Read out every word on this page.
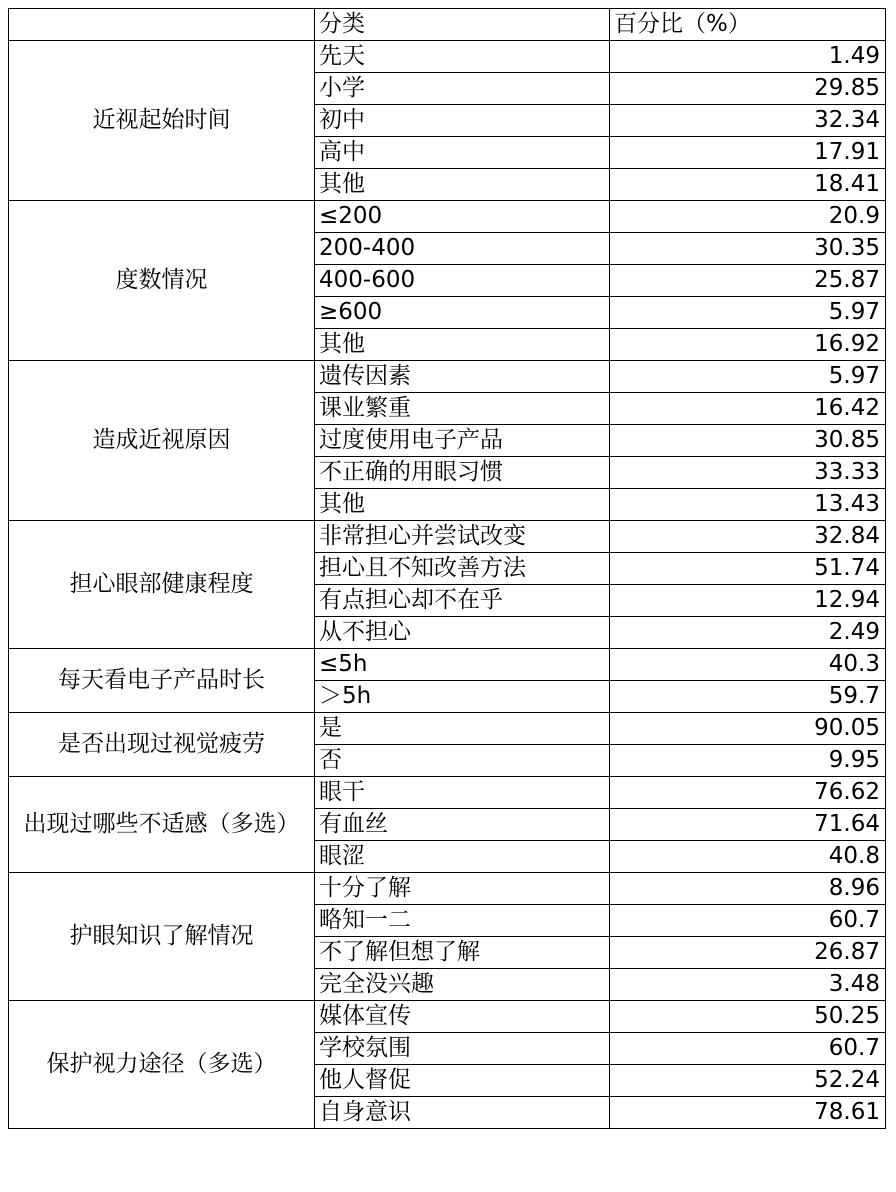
	分类	百分比（%）
近视起始时间	先天	1.49
	小学	29.85
	初中	32.34
	高中	17.91
	其他	18.41
度数情况	≤200	20.9
	200-400	30.35
	400-600	25.87
	≥600	5.97
	其他	16.92
造成近视原因	遗传因素	5.97
	课业繁重	16.42
	过度使用电子产品	30.85
	不正确的用眼习惯	33.33
	其他	13.43
担心眼部健康程度	非常担心并尝试改变	32.84
	担心且不知改善方法	51.74
	有点担心却不在乎	12.94
	从不担心	2.49
每天看电子产品时长	≤5h	40.3
	＞5h	59.7
是否出现过视觉疲劳	是	90.05
	否	9.95
出现过哪些不适感（多选）	眼干	76.62
	有血丝	71.64
	眼涩	40.8
护眼知识了解情况	十分了解	8.96
	略知一二	60.7
	不了解但想了解	26.87
	完全没兴趣	3.48
保护视力途径（多选）	媒体宣传	50.25
	学校氛围	60.7
	他人督促	52.24
	自身意识	78.61
